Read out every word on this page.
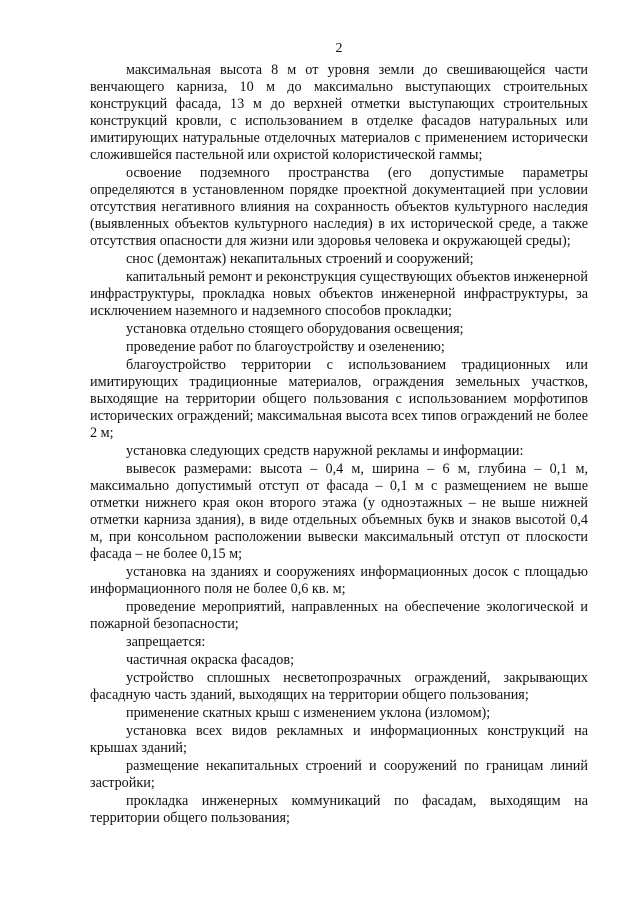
2

максимальная высота 8 м от уровня земли до свешивающейся части венчающего карниза, 10 м до максимально выступающих строительных конструкций фасада, 13 м до верхней отметки выступающих строительных конструкций кровли, с использованием в отделке фасадов натуральных или имитирующих натуральные отделочных материалов с применением исторически сложившейся пастельной или охристой колористической гаммы;

освоение подземного пространства (его допустимые параметры определяются в установленном порядке проектной документацией при условии отсутствия негативного влияния на сохранность объектов культурного наследия (выявленных объектов культурного наследия) в их исторической среде, а также отсутствия опасности для жизни или здоровья человека и окружающей среды);

снос (демонтаж) некапитальных строений и сооружений;

капитальный ремонт и реконструкция существующих объектов инженерной инфраструктуры, прокладка новых объектов инженерной инфраструктуры, за исключением наземного и надземного способов прокладки;

установка отдельно стоящего оборудования освещения;

проведение работ по благоустройству и озеленению;

благоустройство территории с использованием традиционных или имитирующих традиционные материалов, ограждения земельных участков, выходящие на территории общего пользования с использованием морфотипов исторических ограждений; максимальная высота всех типов ограждений не более 2 м;

установка следующих средств наружной рекламы и информации:

вывесок размерами: высота – 0,4 м, ширина – 6 м, глубина – 0,1 м, максимально допустимый отступ от фасада – 0,1 м с размещением не выше отметки нижнего края окон второго этажа (у одноэтажных – не выше нижней отметки карниза здания), в виде отдельных объемных букв и знаков высотой 0,4 м, при консольном расположении вывески максимальный отступ от плоскости фасада – не более 0,15 м;

установка на зданиях и сооружениях информационных досок с площадью информационного поля не более 0,6 кв. м;

проведение мероприятий, направленных на обеспечение экологической и пожарной безопасности;

запрещается:

частичная окраска фасадов;

устройство сплошных несветопрозрачных ограждений, закрывающих фасадную часть зданий, выходящих на территории общего пользования;

применение скатных крыш с изменением уклона (изломом);

установка всех видов рекламных и информационных конструкций на крышах зданий;

размещение некапитальных строений и сооружений по границам линий застройки;

прокладка инженерных коммуникаций по фасадам, выходящим на территории общего пользования;
